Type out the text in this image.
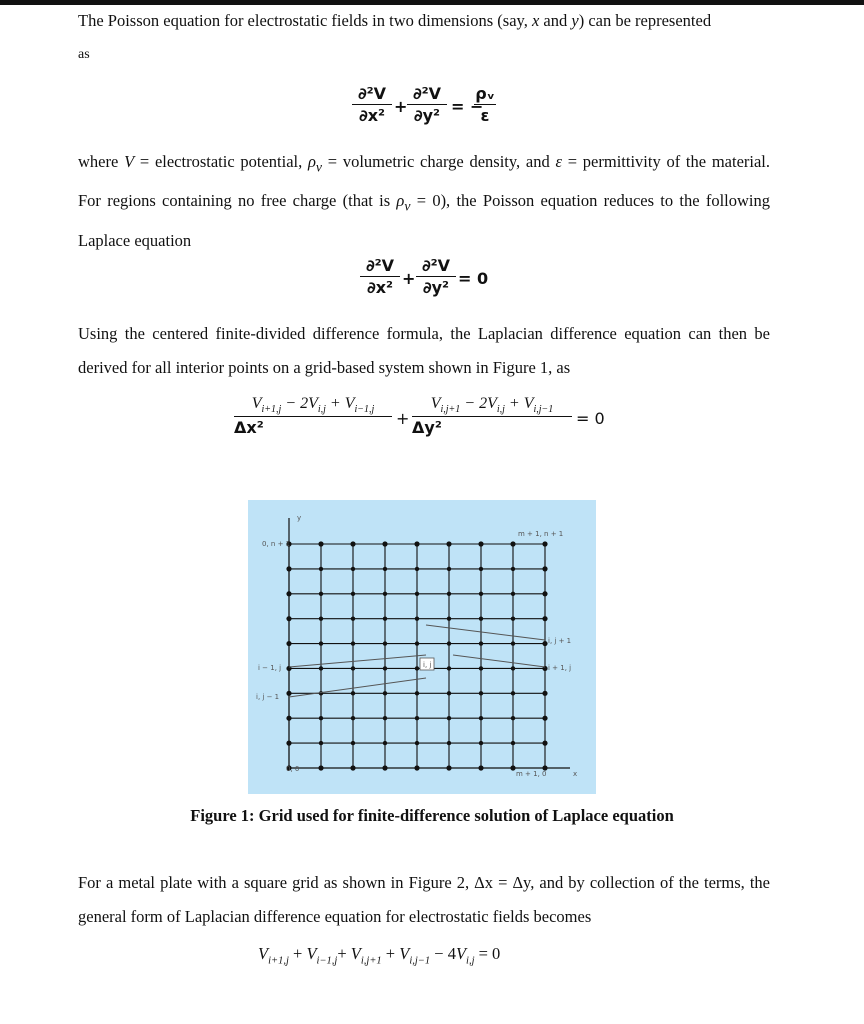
The Poisson equation for electrostatic fields in two dimensions (say, x and y) can be represented
as
$\frac{\text{∂²V}}{\text{∂x²}} + \frac{\text{∂²V}}{\text{∂y²}}$ = −
$\frac{\text{ρᵥ}}{\varepsilon}$
where V = electrostatic potential, $\rho_v$ = volumetric charge density, and ε = permittivity of the material. For regions containing no free charge (that is $\rho_v = 0$), the Poisson equation reduces to the following Laplace equation
$\frac{\text{∂²V}}{\text{∂x²}} + \frac{\text{∂²V}}{\text{∂y²}} = 0$
Using the centered finite-divided difference formula, the Laplacian difference equation can then be derived for all interior points on a grid-based system shown in Figure 1, as
$\frac{V_{i+1,j} - 2V_{i,j} + V_{i-1,j}}{\text{Δx²}}$
+
$\frac{V_{i,j+1} - 2V_{i,j} + V_{i,j-1}}{\text{Δy²}}$
= 0
y
x
0, 0
0, n + 1
m + 1, n + 1
m + 1, 0
i − 1, j
i, j − 1
i, j
i, j + 1
i + 1, j
Figure 1: Grid used for finite-difference solution of Laplace equation
For a metal plate with a square grid as shown in Figure 2, Δx = Δy, and by collection of the terms, the general form of Laplacian difference equation for electrostatic fields becomes
$V_{i+1,j} + V_{i-1,j}+ V_{i,j+1} + V_{i,j-1} - 4V_{i,j} = 0$
